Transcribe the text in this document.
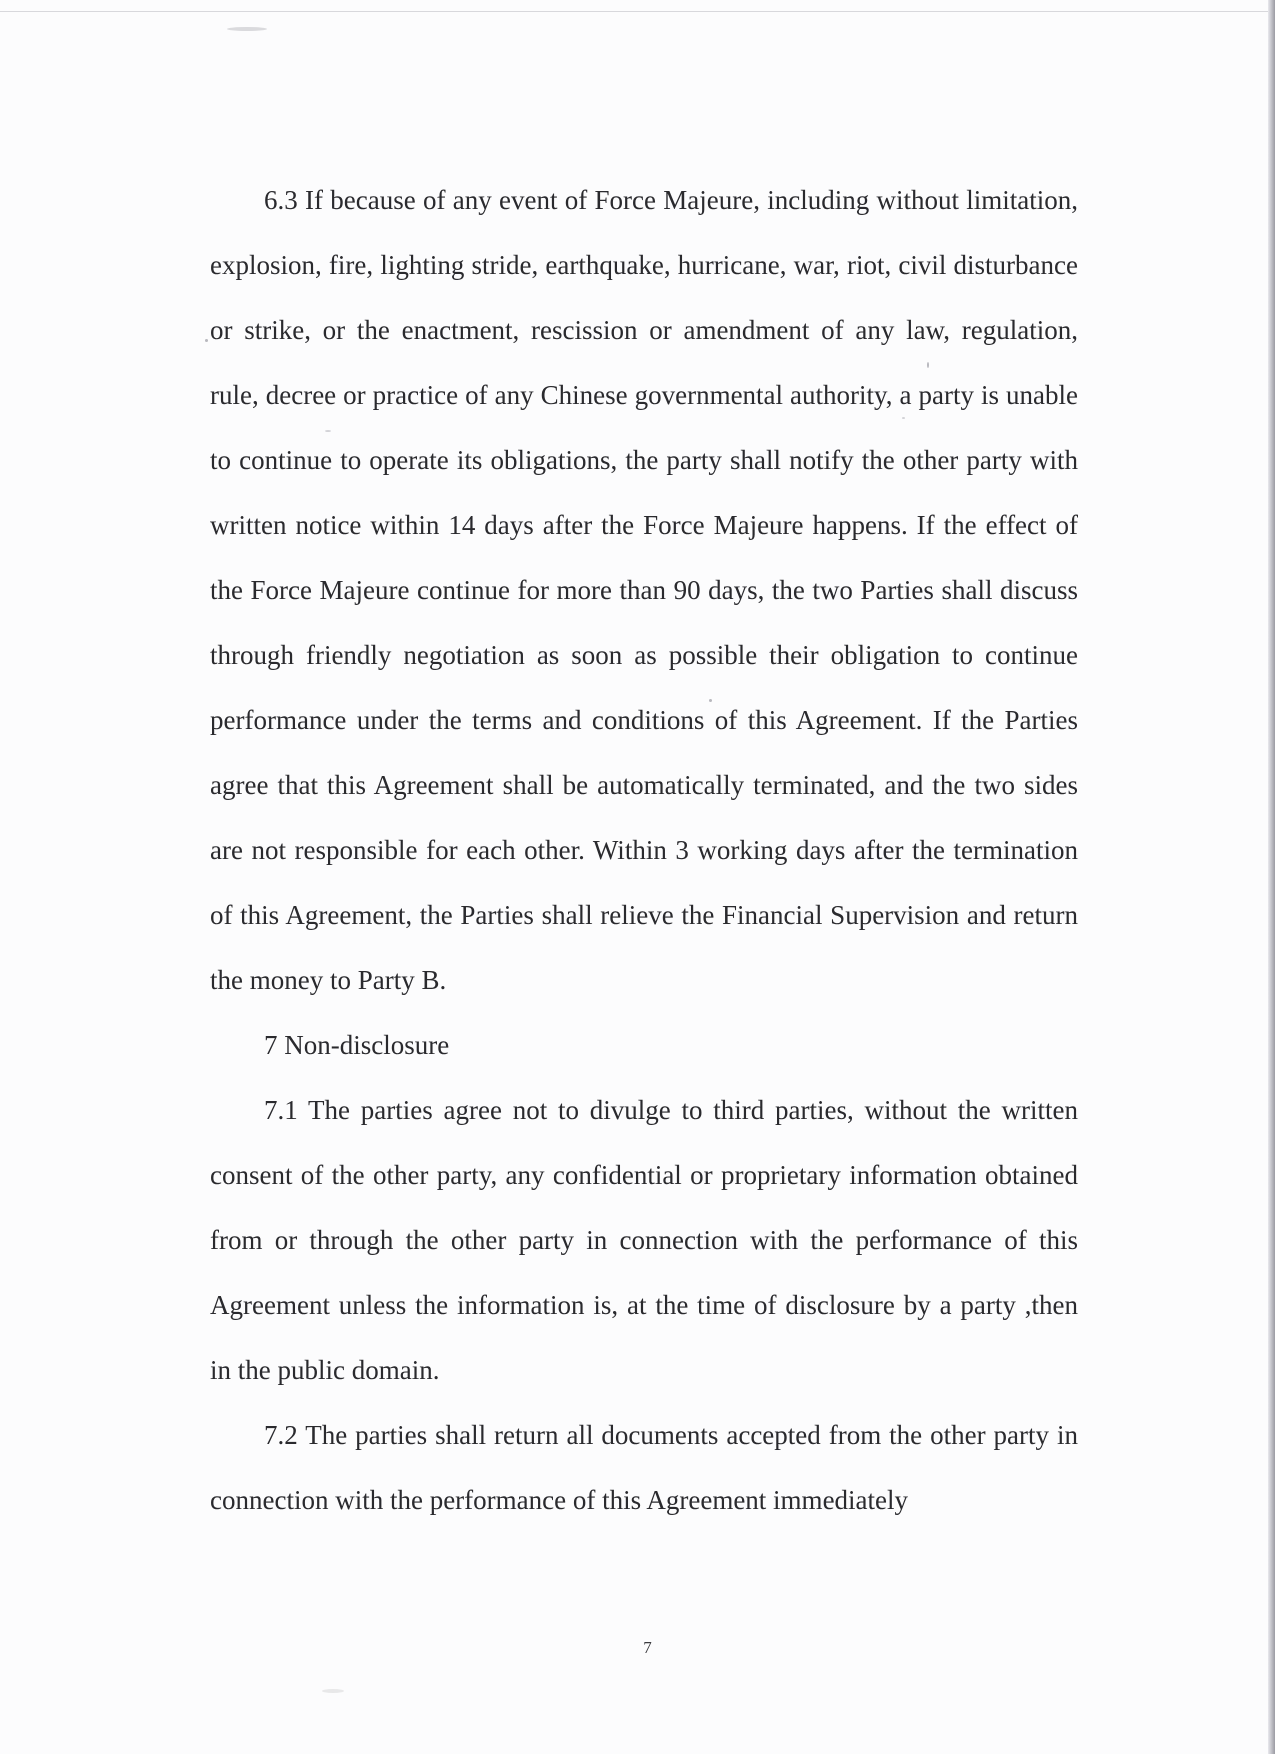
6.3 If because of any event of Force Majeure, including without limitation, explosion, fire, lighting stride, earthquake, hurricane, war, riot, civil disturbance or strike, or the enactment, rescission or amendment of any law, regulation, rule, decree or practice of any Chinese governmental authority, a party is unable to continue to operate its obligations, the party shall notify the other party with written notice within 14 days after the Force Majeure happens. If the effect of the Force Majeure continue for more than 90 days, the two Parties shall discuss through friendly negotiation as soon as possible their obligation to continue performance under the terms and conditions of this Agreement. If the Parties agree that this Agreement shall be automatically terminated, and the two sides are not responsible for each other. Within 3 working days after the termination of this Agreement, the Parties shall relieve the Financial Supervision and return the money to Party B.

7 Non-disclosure

7.1 The parties agree not to divulge to third parties, without the written consent of the other party, any confidential or proprietary information obtained from or through the other party in connection with the performance of this Agreement unless the information is, at the time of disclosure by a party ,then in the public domain.

7.2 The parties shall return all documents accepted from the other party in connection with the performance of this Agreement immediately

7
